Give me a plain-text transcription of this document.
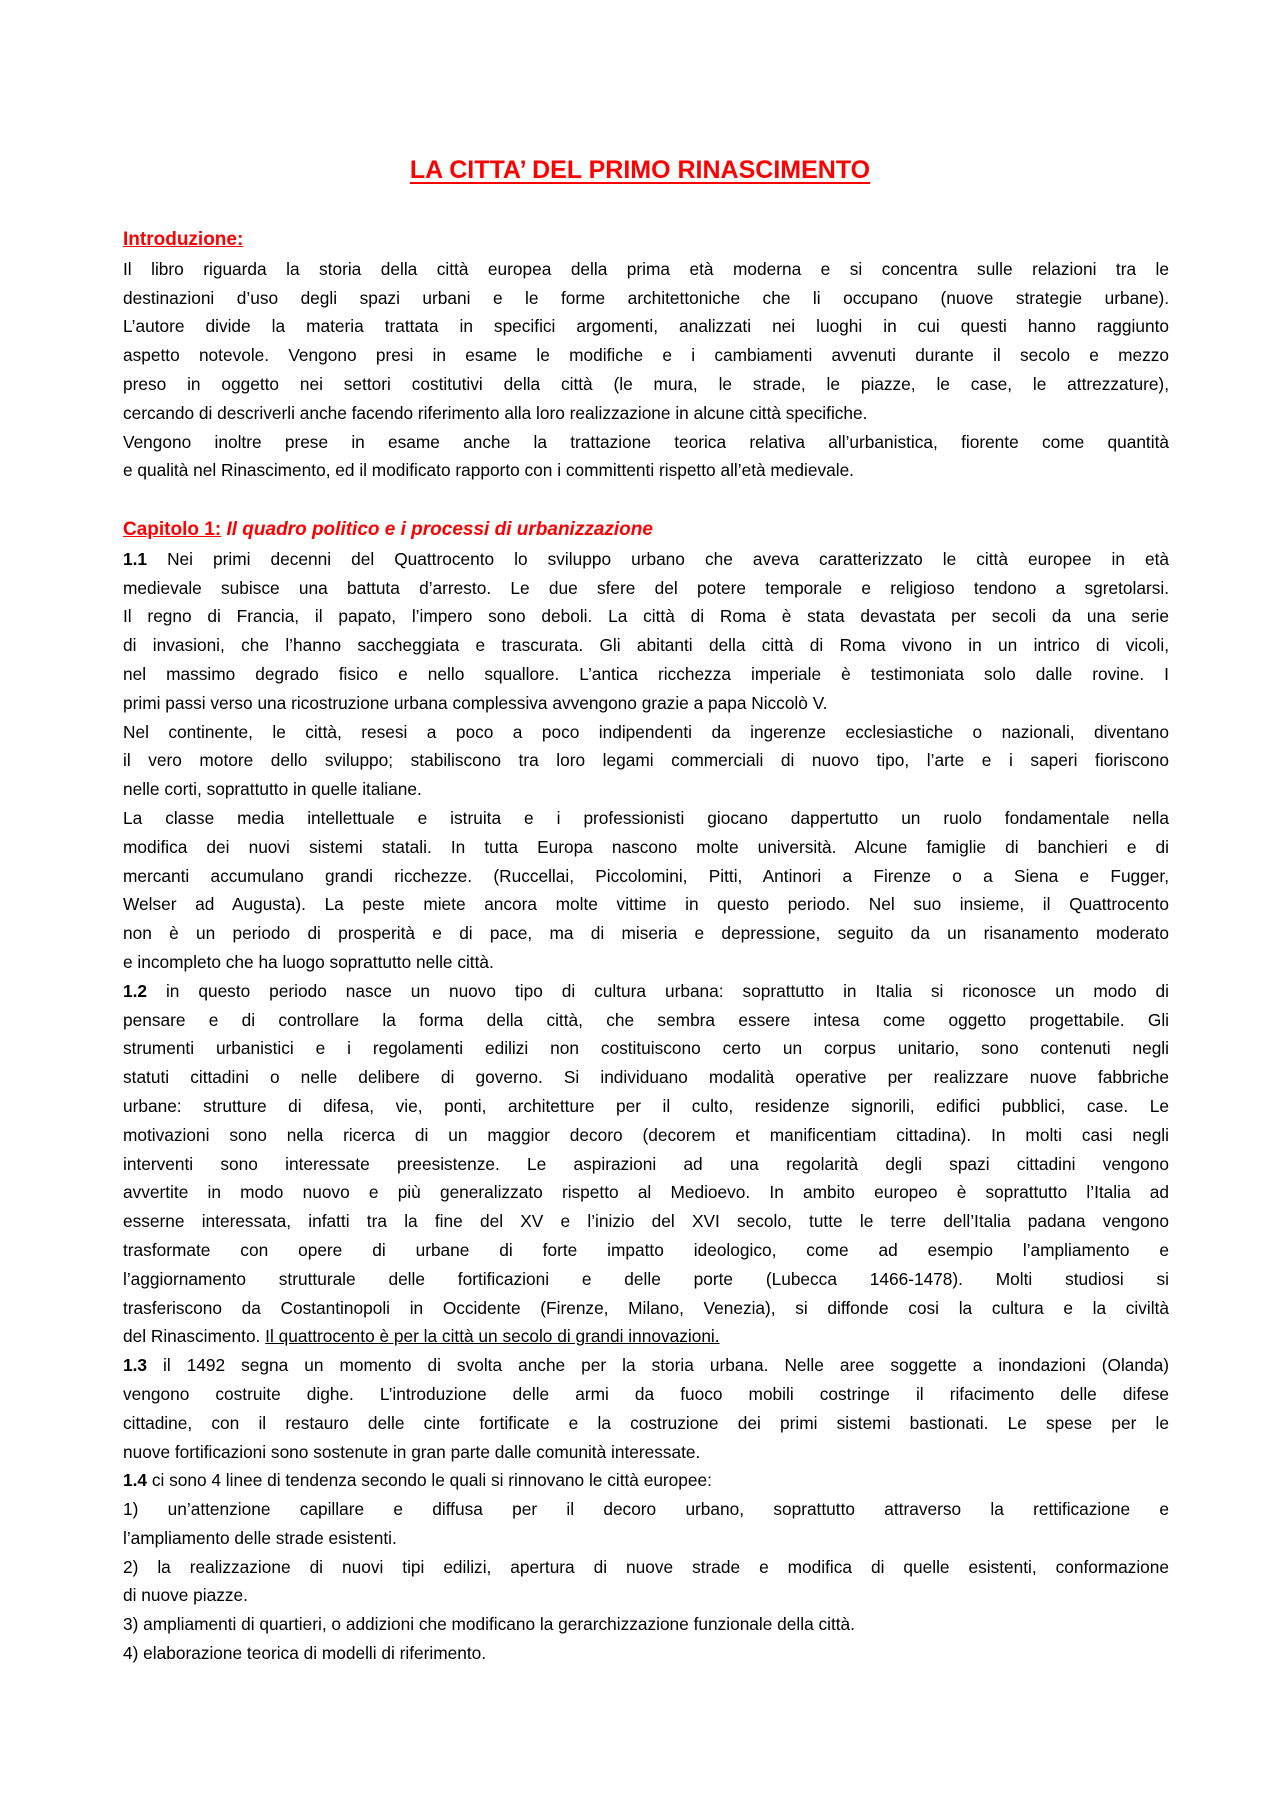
LA CITTA’ DEL PRIMO RINASCIMENTO
Introduzione:
Il libro riguarda la storia della città europea della prima età moderna e si concentra sulle relazioni tra le
destinazioni d’uso degli spazi urbani e le forme architettoniche che li occupano (nuove strategie urbane).
L’autore divide la materia trattata in specifici argomenti, analizzati nei luoghi in cui questi hanno raggiunto
aspetto notevole. Vengono presi in esame le modifiche e i cambiamenti avvenuti durante il secolo e mezzo
preso in oggetto nei settori costitutivi della città (le mura, le strade, le piazze, le case, le attrezzature),
cercando di descriverli anche facendo riferimento alla loro realizzazione in alcune città specifiche.
Vengono inoltre prese in esame anche la trattazione teorica relativa all’urbanistica, fiorente come quantità
e qualità nel Rinascimento, ed il modificato rapporto con i committenti rispetto all’età medievale.
Capitolo 1: Il quadro politico e i processi di urbanizzazione
1.1 Nei primi decenni del Quattrocento lo sviluppo urbano che aveva caratterizzato le città europee in età
medievale subisce una battuta d’arresto. Le due sfere del potere temporale e religioso tendono a sgretolarsi.
Il regno di Francia, il papato, l’impero sono deboli. La città di Roma è stata devastata per secoli da una serie
di invasioni, che l’hanno saccheggiata e trascurata. Gli abitanti della città di Roma vivono in un intrico di vicoli,
nel massimo degrado fisico e nello squallore. L’antica ricchezza imperiale è testimoniata solo dalle rovine. I
primi passi verso una ricostruzione urbana complessiva avvengono grazie a papa Niccolò V.
Nel continente, le città, resesi a poco a poco indipendenti da ingerenze ecclesiastiche o nazionali, diventano
il vero motore dello sviluppo; stabiliscono tra loro legami commerciali di nuovo tipo, l’arte e i saperi fioriscono
nelle corti, soprattutto in quelle italiane.
La classe media intellettuale e istruita e i professionisti giocano dappertutto un ruolo fondamentale nella
modifica dei nuovi sistemi statali. In tutta Europa nascono molte università. Alcune famiglie di banchieri e di
mercanti accumulano grandi ricchezze. (Ruccellai, Piccolomini, Pitti, Antinori a Firenze o a Siena e Fugger,
Welser ad Augusta). La peste miete ancora molte vittime in questo periodo. Nel suo insieme, il Quattrocento
non è un periodo di prosperità e di pace, ma di miseria e depressione, seguito da un risanamento moderato
e incompleto che ha luogo soprattutto nelle città.
1.2 in questo periodo nasce un nuovo tipo di cultura urbana: soprattutto in Italia si riconosce un modo di
pensare e di controllare la forma della città, che sembra essere intesa come oggetto progettabile. Gli
strumenti urbanistici e i regolamenti edilizi non costituiscono certo un corpus unitario, sono contenuti negli
statuti cittadini o nelle delibere di governo. Si individuano modalità operative per realizzare nuove fabbriche
urbane: strutture di difesa, vie, ponti, architetture per il culto, residenze signorili, edifici pubblici, case. Le
motivazioni sono nella ricerca di un maggior decoro (decorem et manificentiam cittadina). In molti casi negli
interventi sono interessate preesistenze. Le aspirazioni ad una regolarità degli spazi cittadini vengono
avvertite in modo nuovo e più generalizzato rispetto al Medioevo. In ambito europeo è soprattutto l’Italia ad
esserne interessata, infatti tra la fine del XV e l’inizio del XVI secolo, tutte le terre dell’Italia padana vengono
trasformate con opere di urbane di forte impatto ideologico, come ad esempio l’ampliamento e
l’aggiornamento strutturale delle fortificazioni e delle porte (Lubecca 1466-1478). Molti studiosi si
trasferiscono da Costantinopoli in Occidente (Firenze, Milano, Venezia), si diffonde cosi la cultura e la civiltà
del Rinascimento. Il quattrocento è per la città un secolo di grandi innovazioni.
1.3 il 1492 segna un momento di svolta anche per la storia urbana. Nelle aree soggette a inondazioni (Olanda)
vengono costruite dighe. L’introduzione delle armi da fuoco mobili costringe il rifacimento delle difese
cittadine, con il restauro delle cinte fortificate e la costruzione dei primi sistemi bastionati. Le spese per le
nuove fortificazioni sono sostenute in gran parte dalle comunità interessate.
1.4 ci sono 4 linee di tendenza secondo le quali si rinnovano le città europee:
1) un’attenzione capillare e diffusa per il decoro urbano, soprattutto attraverso la rettificazione e
l’ampliamento delle strade esistenti.
2) la realizzazione di nuovi tipi edilizi, apertura di nuove strade e modifica di quelle esistenti, conformazione
di nuove piazze.
3) ampliamenti di quartieri, o addizioni che modificano la gerarchizzazione funzionale della città.
4) elaborazione teorica di modelli di riferimento.
